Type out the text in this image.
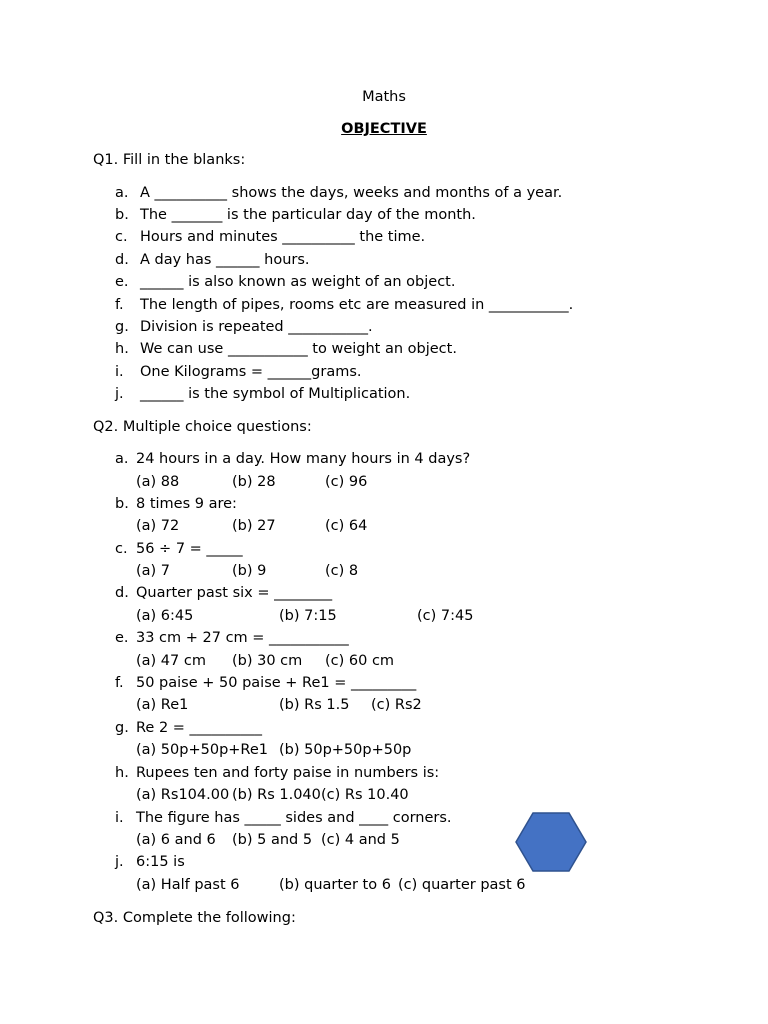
Maths
OBJECTIVE
Q1. Fill in the blanks:
a. A __________ shows the days, weeks and months of a year.
b. The _______ is the particular day of the month.
c. Hours and minutes __________ the time.
d. A day has ______ hours.
e. ______ is also known as weight of an object.
f. The length of pipes, rooms etc are measured in ___________.
g. Division is repeated ___________.
h. We can use ___________ to weight an object.
i. One Kilograms = ______grams.
j. ______ is the symbol of Multiplication.
Q2. Multiple choice questions:
a. 24 hours in a day. How many hours in 4 days?
(a) 88	(b) 28	(c) 96
b. 8 times 9 are:
(a) 72	(b) 27	(c) 64
c. 56 ÷ 7 = _____
(a) 7	(b) 9	(c) 8
d. Quarter past six = ________
(a) 6:45	(b) 7:15	(c) 7:45
e. 33 cm + 27 cm = ___________
(a) 47 cm (b) 30 cm (c) 60 cm
f. 50 paise + 50 paise + Re1 = _________
(a) Re1	(b) Rs 1.5 (c) Rs2
g. Re 2 = __________
(a) 50p+50p+Re1 (b) 50p+50p+50p
h. Rupees ten and forty paise in numbers is:
(a) Rs104.00 (b) Rs 1.040 (c) Rs 10.40
i. The figure has _____ sides and ____ corners.
(a) 6 and 6 (b) 5 and 5 (c) 4 and 5
j. 6:15 is
(a) Half past 6	(b) quarter to 6 (c) quarter past 6
Q3. Complete the following:
